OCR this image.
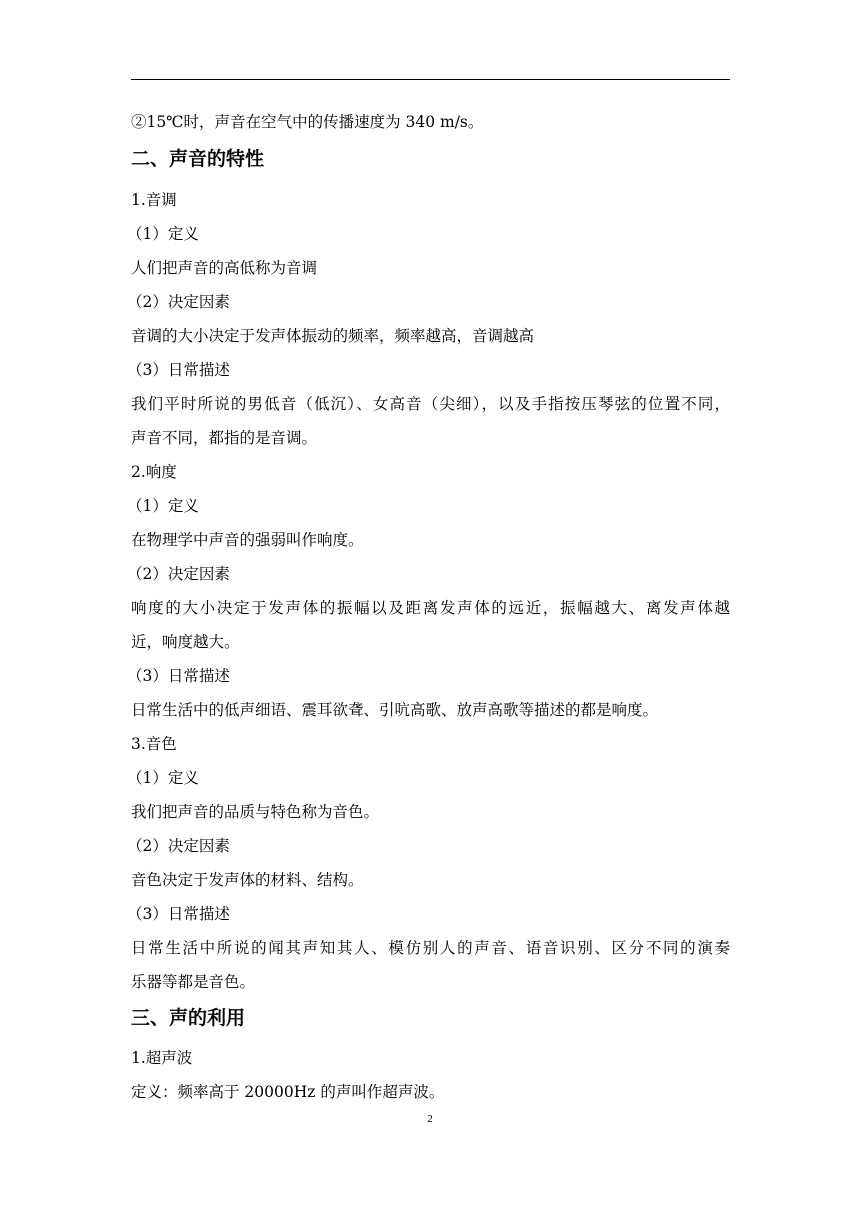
②15℃时，声音在空气中的传播速度为 340 m/s。
二、声音的特性
1.音调
（1）定义
人们把声音的高低称为音调
（2）决定因素
音调的大小决定于发声体振动的频率，频率越高，音调越高
（3）日常描述
我们平时所说的男低音（低沉）、女高音（尖细），以及手指按压琴弦的位置不同，
声音不同，都指的是音调。
2.响度
（1）定义
在物理学中声音的强弱叫作响度。
（2）决定因素
响度的大小决定于发声体的振幅以及距离发声体的远近，振幅越大、离发声体越
近，响度越大。
（3）日常描述
日常生活中的低声细语、震耳欲聋、引吭高歌、放声高歌等描述的都是响度。
3.音色
（1）定义
我们把声音的品质与特色称为音色。
（2）决定因素
音色决定于发声体的材料、结构。
（3）日常描述
日常生活中所说的闻其声知其人、模仿别人的声音、语音识别、区分不同的演奏
乐器等都是音色。
三、声的利用
1.超声波
定义：频率高于 20000Hz 的声叫作超声波。
2
